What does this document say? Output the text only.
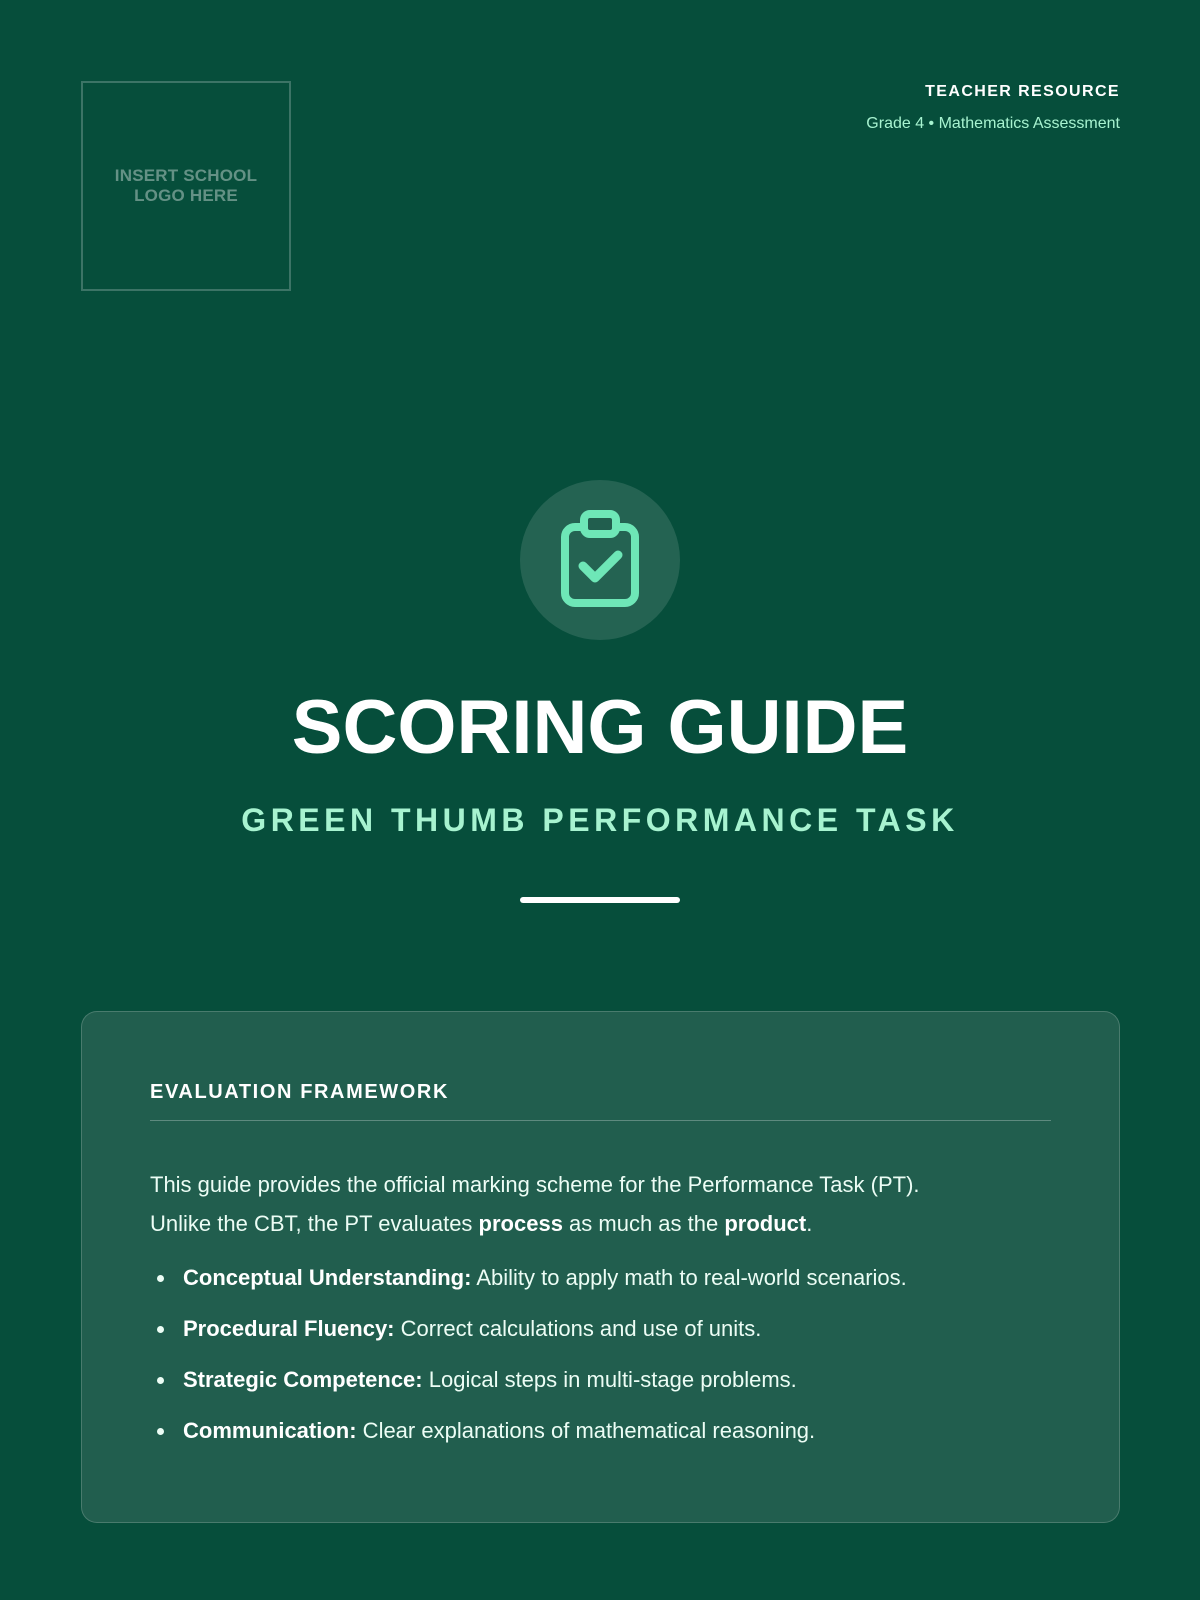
INSERT SCHOOL LOGO HERE
TEACHER RESOURCE
Grade 4 • Mathematics Assessment
SCORING GUIDE
GREEN THUMB PERFORMANCE TASK
EVALUATION FRAMEWORK

This guide provides the official marking scheme for the Performance Task (PT).
Unlike the CBT, the PT evaluates process as much as the product.

Conceptual Understanding: Ability to apply math to real-world scenarios.
Procedural Fluency: Correct calculations and use of units.
Strategic Competence: Logical steps in multi-stage problems.
Communication: Clear explanations of mathematical reasoning.
